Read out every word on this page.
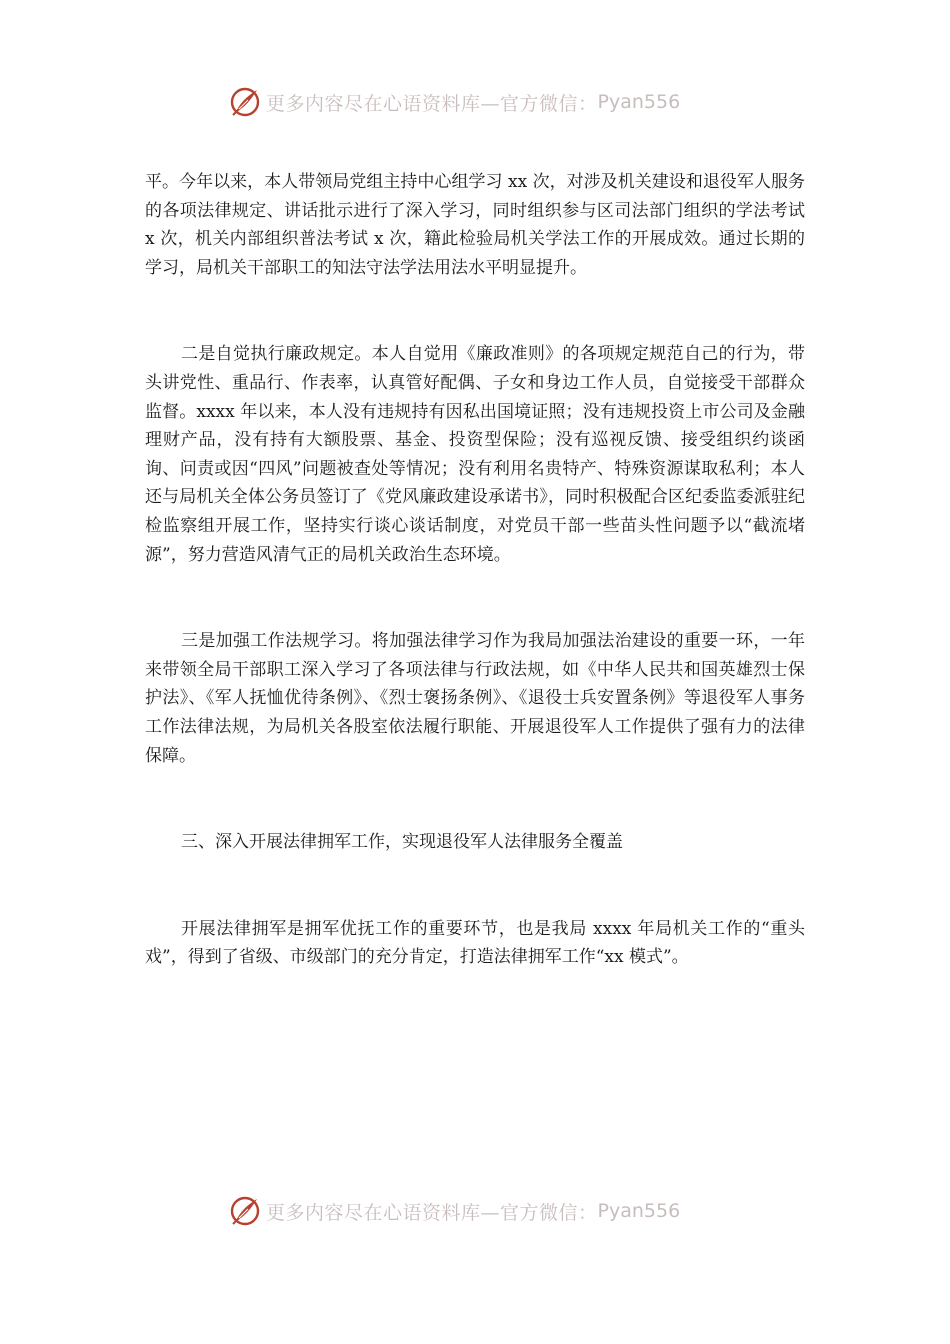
更多内容尽在心语资料库—官方微信： Pyan556

平。今年以来，本人带领局党组主持中心组学习 xx 次，对涉及机关建设和退役军人服务的各项法律规定、讲话批示进行了深入学习，同时组织参与区司法部门组织的学法考试 x 次，机关内部组织普法考试 x 次，籍此检验局机关学法工作的开展成效。通过长期的学习，局机关干部职工的知法守法学法用法水平明显提升。

二是自觉执行廉政规定。本人自觉用《廉政准则》的各项规定规范自己的行为，带头讲党性、重品行、作表率，认真管好配偶、子女和身边工作人员，自觉接受干部群众监督。xxxx 年以来，本人没有违规持有因私出国境证照；没有违规投资上市公司及金融理财产品，没有持有大额股票、基金、投资型保险；没有巡视反馈、接受组织约谈函询、问责或因“四风”问题被查处等情况；没有利用名贵特产、特殊资源谋取私利；本人还与局机关全体公务员签订了《党风廉政建设承诺书》，同时积极配合区纪委监委派驻纪检监察组开展工作，坚持实行谈心谈话制度，对党员干部一些苗头性问题予以“截流堵源”，努力营造风清气正的局机关政治生态环境。

三是加强工作法规学习。将加强法律学习作为我局加强法治建设的重要一环，一年来带领全局干部职工深入学习了各项法律与行政法规，如《中华人民共和国英雄烈士保护法》、《军人抚恤优待条例》、《烈士褒扬条例》、《退役士兵安置条例》等退役军人事务工作法律法规，为局机关各股室依法履行职能、开展退役军人工作提供了强有力的法律保障。

三、深入开展法律拥军工作，实现退役军人法律服务全覆盖

开展法律拥军是拥军优抚工作的重要环节，也是我局 xxxx 年局机关工作的“重头戏”，得到了省级、市级部门的充分肯定，打造法律拥军工作“xx 模式”。

更多内容尽在心语资料库—官方微信： Pyan556
